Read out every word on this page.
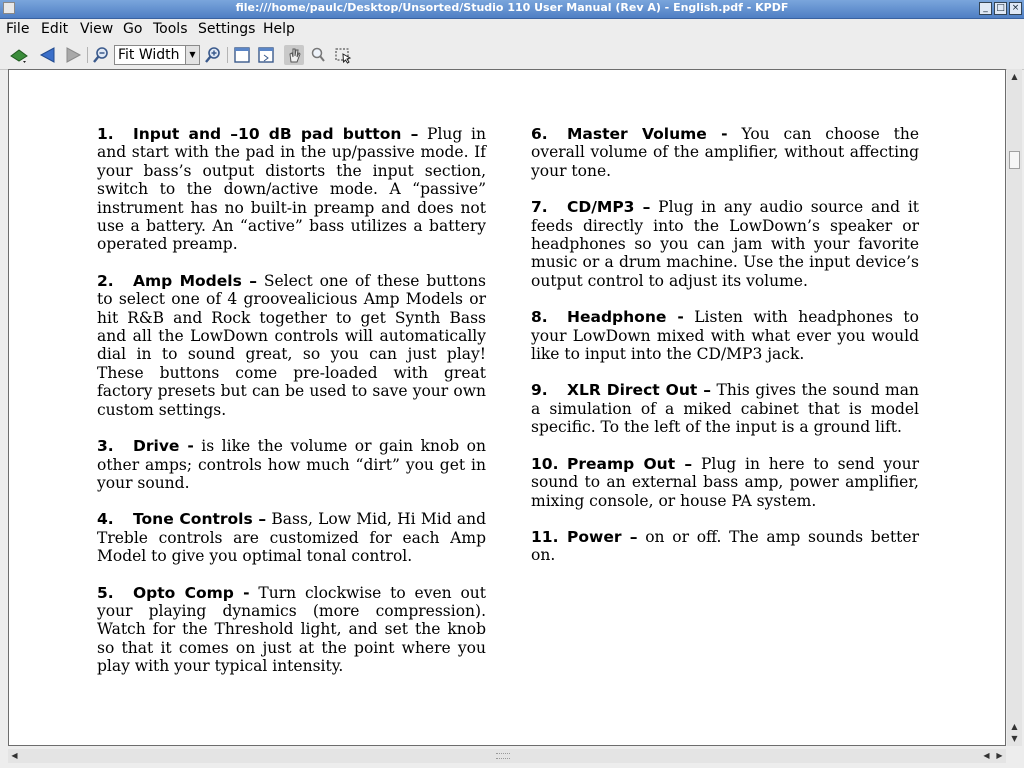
file:///home/paulc/Desktop/Unsorted/Studio 110 User Manual (Rev A) - English.pdf - KPDF	_ □ ×
File Edit View Go Tools Settings Help
Fit Width	▼
1. Input and –10 dB pad button – Plug in and start with the pad in the up/passive mode. If your bass’s output distorts the input section, switch to the down/active mode. A “passive” instrument has no built-in preamp and does not use a battery. An “active” bass utilizes a battery operated preamp.
2. Amp Models – Select one of these buttons to select one of 4 groovealicious Amp Models or hit R&B and Rock together to get Synth Bass and all the LowDown controls will automatically dial in to sound great, so you can just play! These buttons come pre-loaded with great factory presets but can be used to save your own custom settings.
3. Drive - is like the volume or gain knob on other amps; controls how much “dirt” you get in your sound.
4. Tone Controls – Bass, Low Mid, Hi Mid and Treble controls are customized for each Amp Model to give you optimal tonal control.
5. Opto Comp - Turn clockwise to even out your playing dynamics (more compression). Watch for the Threshold light, and set the knob so that it comes on just at the point where you play with your typical intensity.
6. Master Volume - You can choose the overall volume of the amplifier, without affecting your tone.
7. CD/MP3 – Plug in any audio source and it feeds directly into the LowDown’s speaker or headphones so you can jam with your favorite music or a drum machine. Use the input device’s output control to adjust its volume.
8. Headphone - Listen with headphones to your LowDown mixed with what ever you would like to input into the CD/MP3 jack.
9. XLR Direct Out – This gives the sound man a simulation of a miked cabinet that is model specific. To the left of the input is a ground lift.
10. Preamp Out – Plug in here to send your sound to an external bass amp, power amplifier, mixing console, or house PA system.
11. Power – on or off. The amp sounds better on.
▲
▲
▼
◀	◀ ▶
